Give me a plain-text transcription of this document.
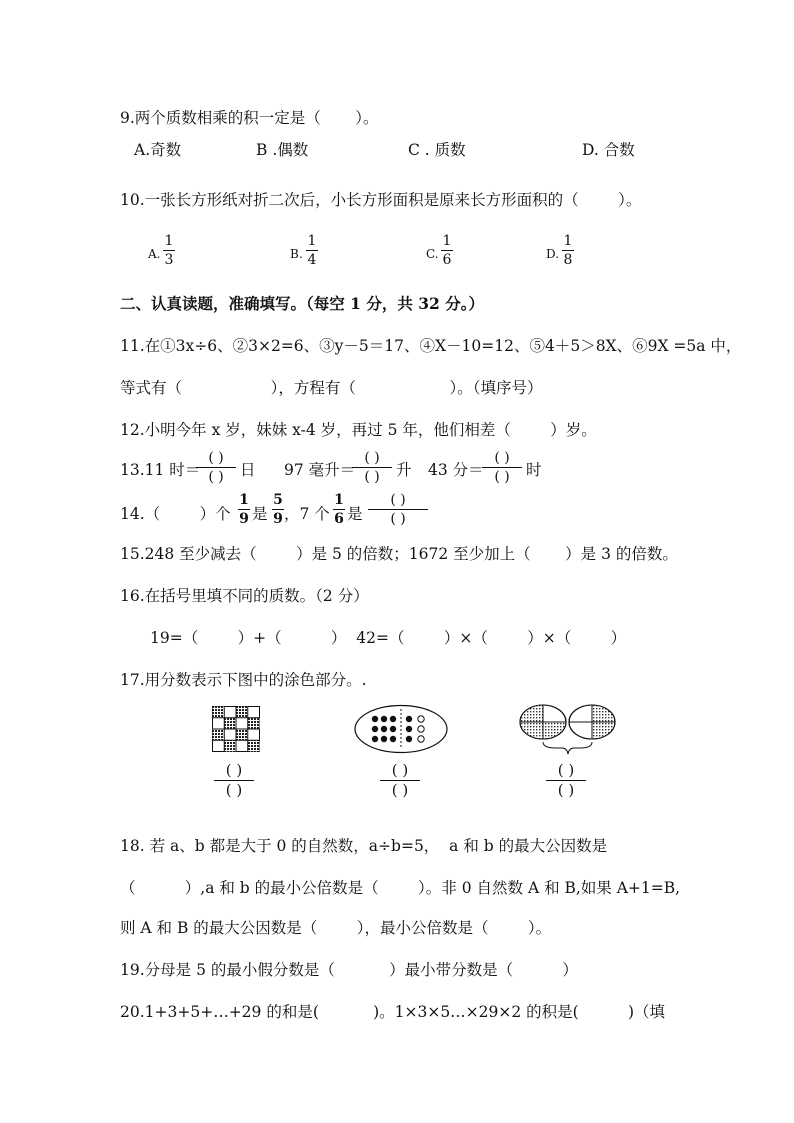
9.两个质数相乘的积一定是（       ）。
A.奇数	B .偶数	C . 质数	D. 合数
10.一张长方形纸对折二次后，小长方形面积是原来长方形面积的（        ）。
A.
1
3	B.
1
4	C.
1
6	D.
1
8
二、认真读题，准确填写。（每空 1 分，共 32 分。）
11.在①3x÷6、②3×2=6、③y－5＝17、④X－10=12、⑤4＋5＞8X、⑥9X =5a 中，
等式有（                  ），方程有（                   ）。（填序号）
12.小明今年 x 岁，妹妹 x-4 岁，再过 5 年，他们相差（        ）岁。
13.11 时＝
( )
( )	日 97 毫升＝
( )
( )	升 43 分＝
( )
( )	时
14.（        ）个
1
9 是
5
9 ，7 个
1
6 是
( )
( )
15.248 至少减去（        ）是 5 的倍数；1672 至少加上（       ）是 3 的倍数。
16.在括号里填不同的质数。（2 分）
19=（        ）+（          ）  42=（        ）×（        ）×（        ）
17.用分数表示下图中的涂色部分。.
( )
( )
( )
( )
( )
( )
18. 若 a、b 都是大于 0 的自然数，a÷b=5，  a 和 b 的最大公因数是
（          ）,a 和 b 的最小公倍数是（        ）。非 0 自然数 A 和 B,如果 A+1=B,
则 A 和 B 的最大公因数是（        ），最小公倍数是（        ）。
19.分母是 5 的最小假分数是（           ）最小带分数是（          ）
20.1+3+5+…+29 的和是(           )。1×3×5…×29×2 的积是(          )（填
